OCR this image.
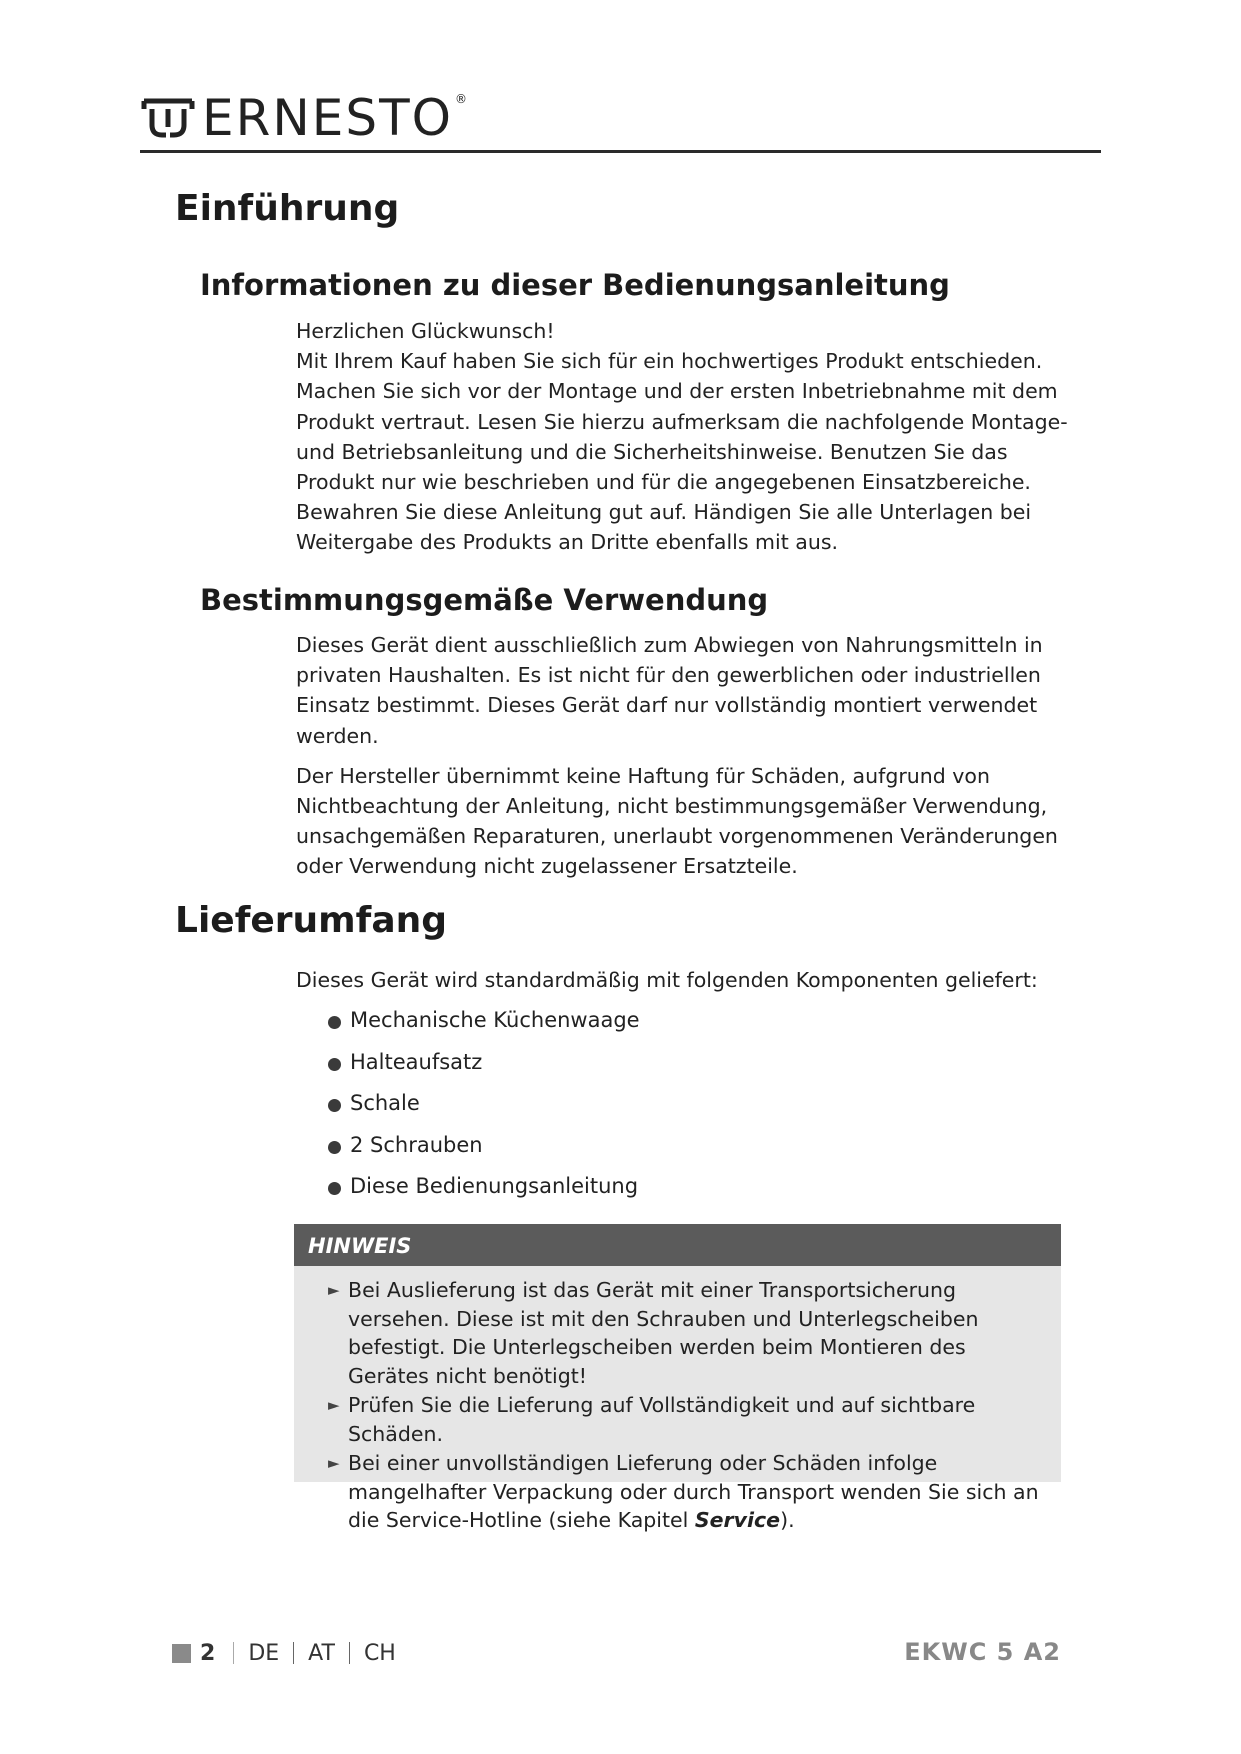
ERNESTO ®
Einführung
Informationen zu dieser Bedienungsanleitung

Herzlichen Glückwunsch!

Mit Ihrem Kauf haben Sie sich für ein hochwertiges Produkt entschieden. Machen Sie sich vor der Montage und der ersten Inbetriebnahme mit dem Produkt vertraut. Lesen Sie hierzu aufmerksam die nachfolgende Montage- und Betriebsanleitung und die Sicherheitshinweise. Benutzen Sie das Produkt nur wie beschrieben und für die angegebenen Einsatzbereiche. Bewahren Sie diese Anleitung gut auf. Händigen Sie alle Unterlagen bei Weitergabe des Produkts an Dritte ebenfalls mit aus.

Bestimmungsgemäße Verwendung

Dieses Gerät dient ausschließlich zum Abwiegen von Nahrungsmitteln in privaten Haushalten. Es ist nicht für den gewerblichen oder industriellen Einsatz bestimmt. Dieses Gerät darf nur vollständig montiert verwendet werden.

Der Hersteller übernimmt keine Haftung für Schäden, aufgrund von Nichtbeachtung der Anleitung, nicht bestimmungsgemäßer Verwendung, unsachgemäßen Reparaturen, unerlaubt vorgenommenen Veränderungen oder Verwendung nicht zugelassener Ersatzteile.

Lieferumfang
Dieses Gerät wird standardmäßig mit folgenden Komponenten geliefert:
Mechanische Küchenwaage
Halteaufsatz
Schale
2 Schrauben
Diese Bedienungsanleitung
HINWEIS
► Bei Auslieferung ist das Gerät mit einer Transportsicherung versehen. Diese ist mit den Schrauben und Unterlegscheiben befestigt. Die Unterlegscheiben werden beim Montieren des Gerätes nicht benötigt!
► Prüfen Sie die Lieferung auf Vollständigkeit und auf sichtbare Schäden.
► Bei einer unvollständigen Lieferung oder Schäden infolge mangelhafter Verpackung oder durch Transport wenden Sie sich an die Service-Hotline (siehe Kapitel Service).
2 DE AT CH	EKWC 5 A2
